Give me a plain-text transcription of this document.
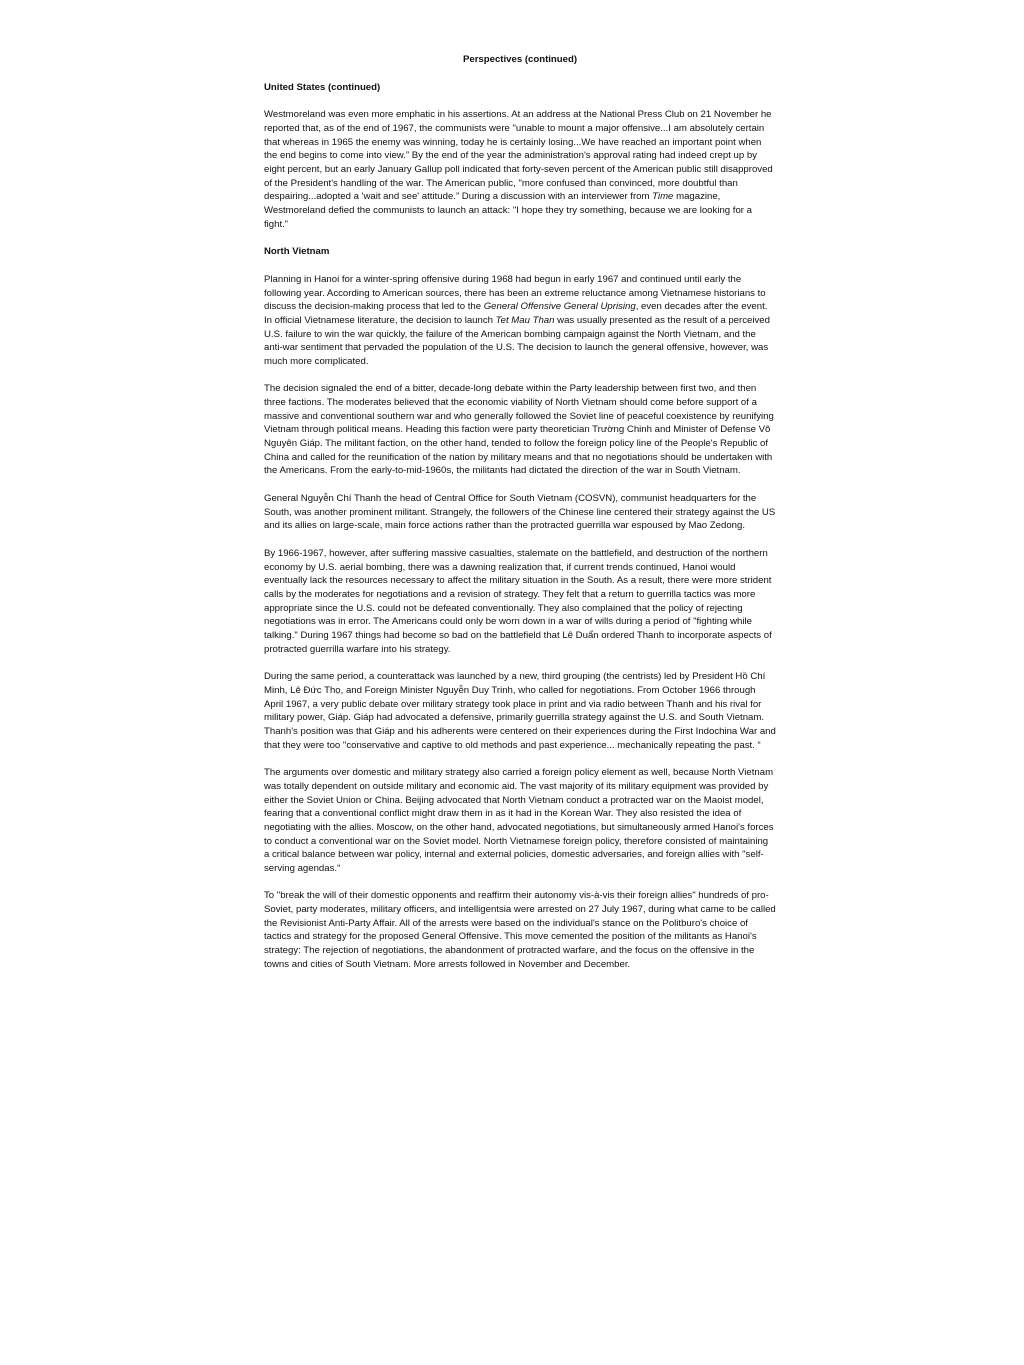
Perspectives (continued)
United States (continued)

Westmoreland was even more emphatic in his assertions. At an address at the National Press Club on 21 November he reported that, as of the end of 1967, the communists were "unable to mount a major offensive...I am absolutely certain that whereas in 1965 the enemy was winning, today he is certainly losing...We have reached an important point when the end begins to come into view.” By the end of the year the administration's approval rating had indeed crept up by eight percent, but an early January Gallup poll indicated that forty-seven percent of the American public still disapproved of the President's handling of the war. The American public, "more confused than convinced, more doubtful than despairing...adopted a 'wait and see' attitude.” During a discussion with an interviewer from Time magazine, Westmoreland defied the communists to launch an attack: "I hope they try something, because we are looking for a fight.”

North Vietnam

Planning in Hanoi for a winter-spring offensive during 1968 had begun in early 1967 and continued until early the following year. According to American sources, there has been an extreme reluctance among Vietnamese historians to discuss the decision-making process that led to the General Offensive General Uprising, even decades after the event. In official Vietnamese literature, the decision to launch Tet Mau Than was usually presented as the result of a perceived U.S. failure to win the war quickly, the failure of the American bombing campaign against the North Vietnam, and the anti-war sentiment that pervaded the population of the U.S. The decision to launch the general offensive, however, was much more complicated.

The decision signaled the end of a bitter, decade-long debate within the Party leadership between first two, and then three factions. The moderates believed that the economic viability of North Vietnam should come before support of a massive and conventional southern war and who generally followed the Soviet line of peaceful coexistence by reunifying Vietnam through political means. Heading this faction were party theoretician Trường Chinh and Minister of Defense Võ Nguyên Giáp. The militant faction, on the other hand, tended to follow the foreign policy line of the People's Republic of China and called for the reunification of the nation by military means and that no negotiations should be undertaken with the Americans. From the early-to-mid-1960s, the militants had dictated the direction of the war in South Vietnam.

General Nguyễn Chí Thanh the head of Central Office for South Vietnam (COSVN), communist headquarters for the South, was another prominent militant. Strangely, the followers of the Chinese line centered their strategy against the US and its allies on large-scale, main force actions rather than the protracted guerrilla war espoused by Mao Zedong.

By 1966-1967, however, after suffering massive casualties, stalemate on the battlefield, and destruction of the northern economy by U.S. aerial bombing, there was a dawning realization that, if current trends continued, Hanoi would eventually lack the resources necessary to affect the military situation in the South. As a result, there were more strident calls by the moderates for negotiations and a revision of strategy. They felt that a return to guerrilla tactics was more appropriate since the U.S. could not be defeated conventionally. They also complained that the policy of rejecting negotiations was in error. The Americans could only be worn down in a war of wills during a period of "fighting while talking." During 1967 things had become so bad on the battlefield that Lê Duẩn ordered Thanh to incorporate aspects of protracted guerrilla warfare into his strategy.

During the same period, a counterattack was launched by a new, third grouping (the centrists) led by President Hồ Chí Minh, Lê Đức Thọ, and Foreign Minister Nguyễn Duy Trinh, who called for negotiations. From October 1966 through April 1967, a very public debate over military strategy took place in print and via radio between Thanh and his rival for military power, Giáp. Giáp had advocated a defensive, primarily guerrilla strategy against the U.S. and South Vietnam. Thanh's position was that Giáp and his adherents were centered on their experiences during the First Indochina War and that they were too "conservative and captive to old methods and past experience... mechanically repeating the past. “

The arguments over domestic and military strategy also carried a foreign policy element as well, because North Vietnam was totally dependent on outside military and economic aid. The vast majority of its military equipment was provided by either the Soviet Union or China. Beijing advocated that North Vietnam conduct a protracted war on the Maoist model, fearing that a conventional conflict might draw them in as it had in the Korean War. They also resisted the idea of negotiating with the allies. Moscow, on the other hand, advocated negotiations, but simultaneously armed Hanoi's forces to conduct a conventional war on the Soviet model. North Vietnamese foreign policy, therefore consisted of maintaining a critical balance between war policy, internal and external policies, domestic adversaries, and foreign allies with "self-serving agendas.“

To "break the will of their domestic opponents and reaffirm their autonomy vis-à-vis their foreign allies" hundreds of pro-Soviet, party moderates, military officers, and intelligentsia were arrested on 27 July 1967, during what came to be called the Revisionist Anti-Party Affair. All of the arrests were based on the individual's stance on the Politburo's choice of tactics and strategy for the proposed General Offensive. This move cemented the position of the militants as Hanoi's strategy: The rejection of negotiations, the abandonment of protracted warfare, and the focus on the offensive in the towns and cities of South Vietnam. More arrests followed in November and December.
